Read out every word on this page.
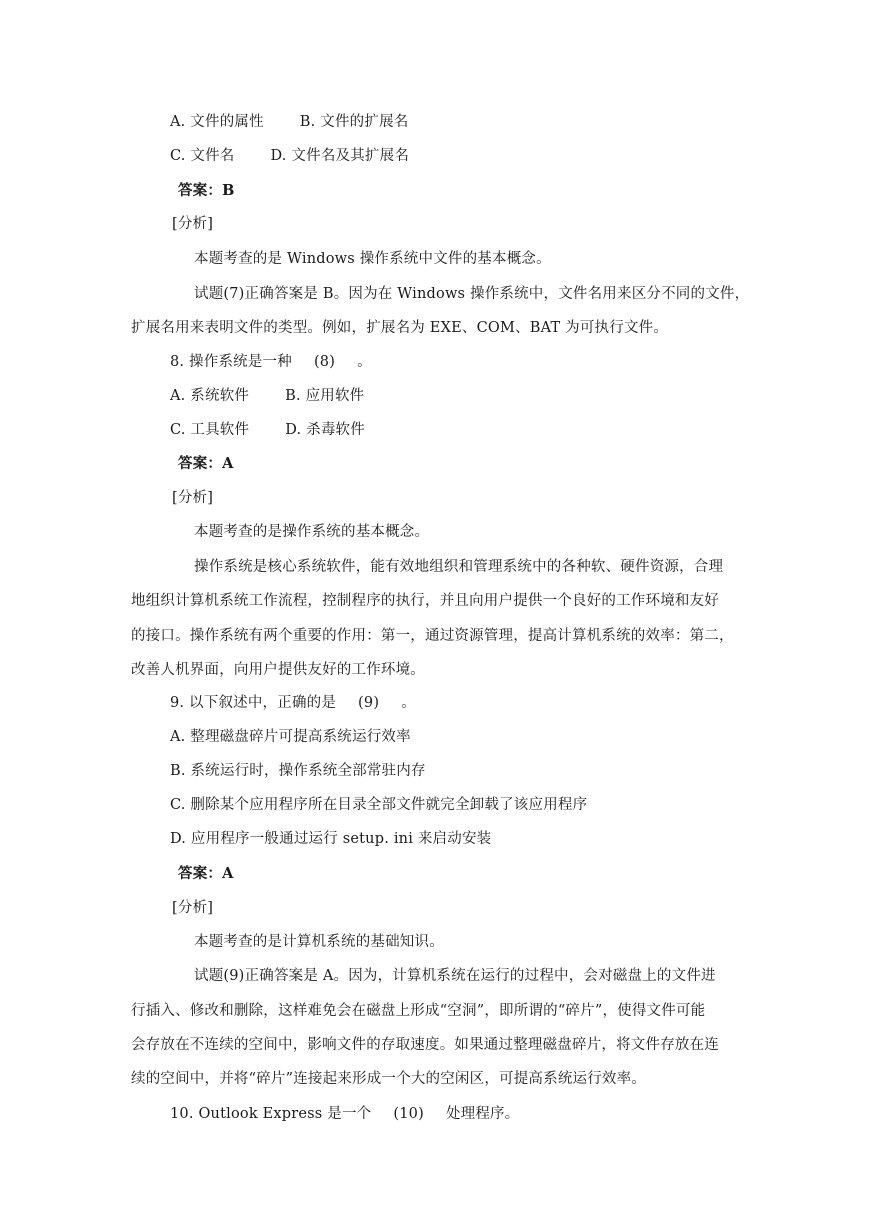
A. 文件的属性 B. 文件的扩展名
C. 文件名 D. 文件名及其扩展名
答案：B
[分析]
本题考查的是 Windows 操作系统中文件的基本概念。
试题(7)正确答案是 B。因为在 Windows 操作系统中，文件名用来区分不同的文件，
扩展名用来表明文件的类型。例如，扩展名为 EXE、COM、BAT 为可执行文件。
8. 操作系统是一种 (8) 。
A. 系统软件 B. 应用软件
C. 工具软件 D. 杀毒软件
答案：A
[分析]
本题考查的是操作系统的基本概念。
操作系统是核心系统软件，能有效地组织和管理系统中的各种软、硬件资源，合理
地组织计算机系统工作流程，控制程序的执行，并且向用户提供一个良好的工作环境和友好
的接口。操作系统有两个重要的作用：第一，通过资源管理，提高计算机系统的效率：第二，
改善人机界面，向用户提供友好的工作环境。
9. 以下叙述中，正确的是 (9) 。
A. 整理磁盘碎片可提高系统运行效率
B. 系统运行时，操作系统全部常驻内存
C. 删除某个应用程序所在目录全部文件就完全卸载了该应用程序
D. 应用程序一般通过运行 setup. ini 来启动安装
答案：A
[分析]
本题考查的是计算机系统的基础知识。
试题(9)正确答案是 A。因为，计算机系统在运行的过程中，会对磁盘上的文件进
行插入、修改和删除，这样难免会在磁盘上形成“空洞”，即所谓的“碎片”，使得文件可能
会存放在不连续的空间中，影响文件的存取速度。如果通过整理磁盘碎片，将文件存放在连
续的空间中，并将“碎片”连接起来形成一个大的空闲区，可提高系统运行效率。
10. Outlook Express 是一个 (10) 处理程序。
